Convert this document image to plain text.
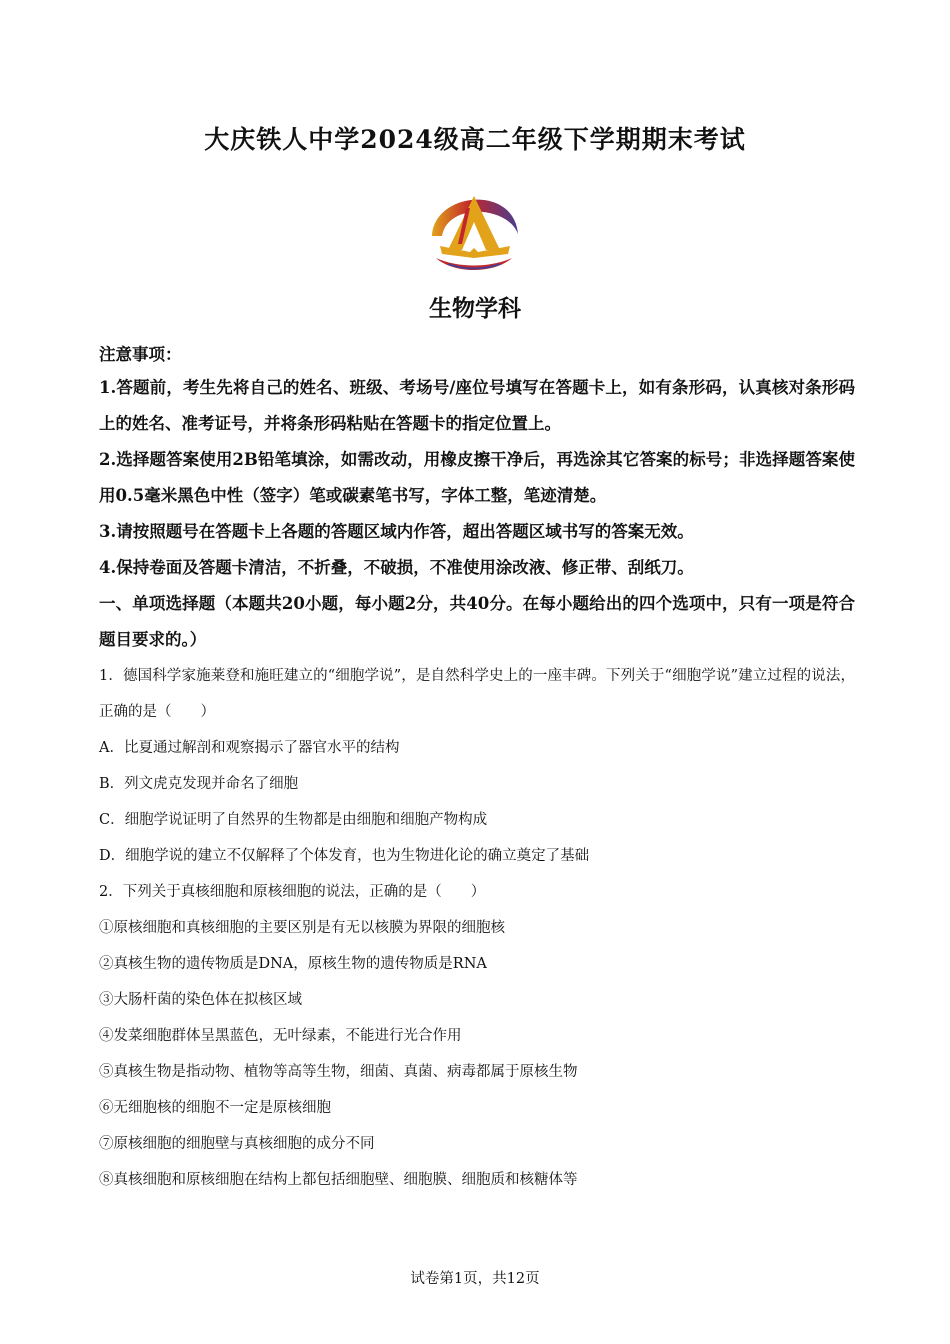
大庆铁人中学2024级高二年级下学期期末考试
生物学科
注意事项：
1.答题前，考生先将自己的姓名、班级、考场号/座位号填写在答题卡上，如有条形码，认真核对条形码上的姓名、准考证号，并将条形码粘贴在答题卡的指定位置上。
2.选择题答案使用2B铅笔填涂，如需改动，用橡皮擦干净后，再选涂其它答案的标号；非选择题答案使用0.5毫米黑色中性（签字）笔或碳素笔书写，字体工整，笔迹清楚。
3.请按照题号在答题卡上各题的答题区域内作答，超出答题区域书写的答案无效。
4.保持卷面及答题卡清洁，不折叠，不破损，不准使用涂改液、修正带、刮纸刀。
一、单项选择题（本题共20小题，每小题2分，共40分。在每小题给出的四个选项中，只有一项是符合题目要求的。）
1．德国科学家施莱登和施旺建立的“细胞学说”，是自然科学史上的一座丰碑。下列关于“细胞学说”建立过程的说法，正确的是（　　）
A．比夏通过解剖和观察揭示了器官水平的结构
B．列文虎克发现并命名了细胞
C．细胞学说证明了自然界的生物都是由细胞和细胞产物构成
D．细胞学说的建立不仅解释了个体发育，也为生物进化论的确立奠定了基础
2．下列关于真核细胞和原核细胞的说法，正确的是（　　）
①原核细胞和真核细胞的主要区别是有无以核膜为界限的细胞核
②真核生物的遗传物质是DNA，原核生物的遗传物质是RNA
③大肠杆菌的染色体在拟核区域
④发菜细胞群体呈黑蓝色，无叶绿素，不能进行光合作用
⑤真核生物是指动物、植物等高等生物，细菌、真菌、病毒都属于原核生物
⑥无细胞核的细胞不一定是原核细胞
⑦原核细胞的细胞壁与真核细胞的成分不同
⑧真核细胞和原核细胞在结构上都包括细胞壁、细胞膜、细胞质和核糖体等
试卷第1页，共12页
